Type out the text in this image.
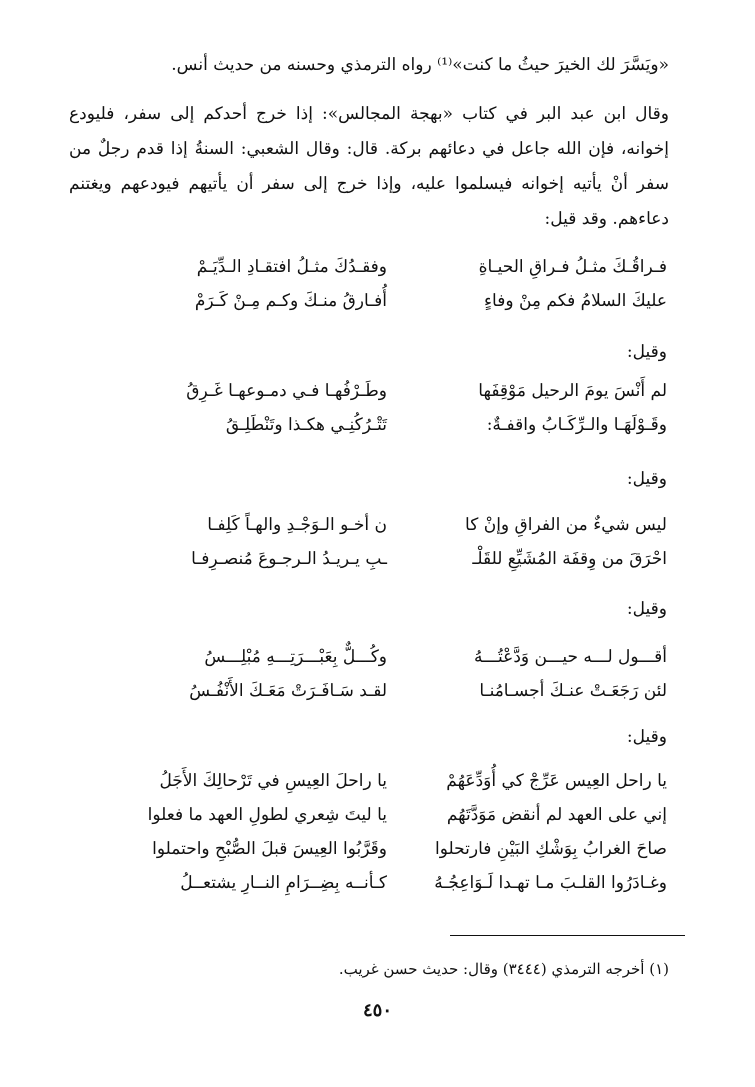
«ويَسَّرَ لك الخيرَ حيثُ ما كنت»⁽¹⁾ رواه الترمذي وحسنه من حديث أنس.
وقال ابن عبد البر في كتاب «بهجة المجالس»: إذا خرج أحدكم إلى سفر، فليودع إخوانه، فإن الله جاعل في دعائهم بركة. قال: وقال الشعبي: السنةُ إذا قدم رجلٌ من سفر أنْ يأتيه إخوانه فيسلموا عليه، وإذا خرج إلى سفر أن يأتيهم فيودعهم ويغتنم دعاءهم. وقد قيل:
فـراقُـكَ مثـلُ فـراقِ الحيـاةِ
وفقـدُكَ مثـلُ افتقـادِ الـدِّيَـمْ
عليكَ السلامُ فكم مِنْ وفاءٍ
أُفـارقُ منـكَ وكـم مِـنْ كَـرَمْ
وقيل:
لم أَنْسَ يومَ الرحيل مَوْقِفَها
وطَـرْفُهـا فـي دمـوعهـا غَـرِقُ
وقَـوْلَهَـا والـرِّكَـابُ واقفـةٌ:
تَتْـرُكُنِـي هكـذا وتَنْطَلِـقُ
وقيل:
ليس شيءٌ من الفراقِ وإنْ كا
ن أخـو الـوَجْـدِ والهـاً كَلِفـا
احْرَقَ من وِقفَة المُشَيِّعِ للقَلْـ
ـبِ يـريـدُ الـرجـوعَ مُنصـرِفـا
وقيل:
أقـــول لـــه حيـــن وَدَّعْتُـــهُ
وكُـــلٌّ بِعَبْـــرَتِـــهِ مُبْلِـــسُ
لئن رَجَعَـتْ عنـكَ أجسـامُنـا
لقـد سَـافَـرَتْ مَعَـكَ الأَنْفُـسُ
وقيل:
يا راحل العِيس عَرِّجْ كي أُوَدِّعَهُمْ
يا راحلَ العِيسِ في تَرْحالِكَ الأَجَلُ
إني على العهد لم أنقض مَوَدَّتَهُم
يا ليتَ شِعري لطولِ العهد ما فعلوا
صاحَ الغرابُ بِوَشْكِ البَيْنِ فارتحلوا
وقَرَّبُوا العِيسَ قبلَ الصُّبْحِ واحتملوا
وغـادَرُوا القلـبَ مـا تهـدا لَـوَاعِجُـهُ
كـأنــه بِضِــرَامِ النــارِ يشتعــلُ
(١) أخرجه الترمذي (٣٤٤٤) وقال: حديث حسن غريب.
٤٥٠
